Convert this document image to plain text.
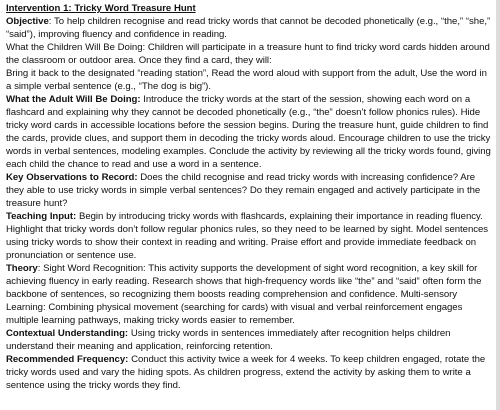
Intervention 1: Tricky Word Treasure Hunt

Objective: To help children recognise and read tricky words that cannot be decoded phonetically (e.g., “the,” “she,” “said”), improving fluency and confidence in reading.

What the Children Will Be Doing: Children will participate in a treasure hunt to find tricky word cards hidden around the classroom or outdoor area. Once they find a card, they will:

Bring it back to the designated “reading station”, Read the word aloud with support from the adult, Use the word in a simple verbal sentence (e.g., “The dog is big”).

What the Adult Will Be Doing: Introduce the tricky words at the start of the session, showing each word on a flashcard and explaining why they cannot be decoded phonetically (e.g., “the” doesn’t follow phonics rules). Hide tricky word cards in accessible locations before the session begins. During the treasure hunt, guide children to find the cards, provide clues, and support them in decoding the tricky words aloud. Encourage children to use the tricky words in verbal sentences, modeling examples. Conclude the activity by reviewing all the tricky words found, giving each child the chance to read and use a word in a sentence.

Key Observations to Record: Does the child recognise and read tricky words with increasing confidence? Are they able to use tricky words in simple verbal sentences? Do they remain engaged and actively participate in the treasure hunt?

Teaching Input: Begin by introducing tricky words with flashcards, explaining their importance in reading fluency. Highlight that tricky words don’t follow regular phonics rules, so they need to be learned by sight. Model sentences using tricky words to show their context in reading and writing. Praise effort and provide immediate feedback on pronunciation or sentence use.

Theory: Sight Word Recognition: This activity supports the development of sight word recognition, a key skill for achieving fluency in early reading. Research shows that high-frequency words like “the” and “said” often form the backbone of sentences, so recognizing them boosts reading comprehension and confidence. Multi-sensory Learning: Combining physical movement (searching for cards) with visual and verbal reinforcement engages multiple learning pathways, making tricky words easier to remember.

Contextual Understanding: Using tricky words in sentences immediately after recognition helps children understand their meaning and application, reinforcing retention.

Recommended Frequency: Conduct this activity twice a week for 4 weeks. To keep children engaged, rotate the tricky words used and vary the hiding spots. As children progress, extend the activity by asking them to write a sentence using the tricky words they find.
